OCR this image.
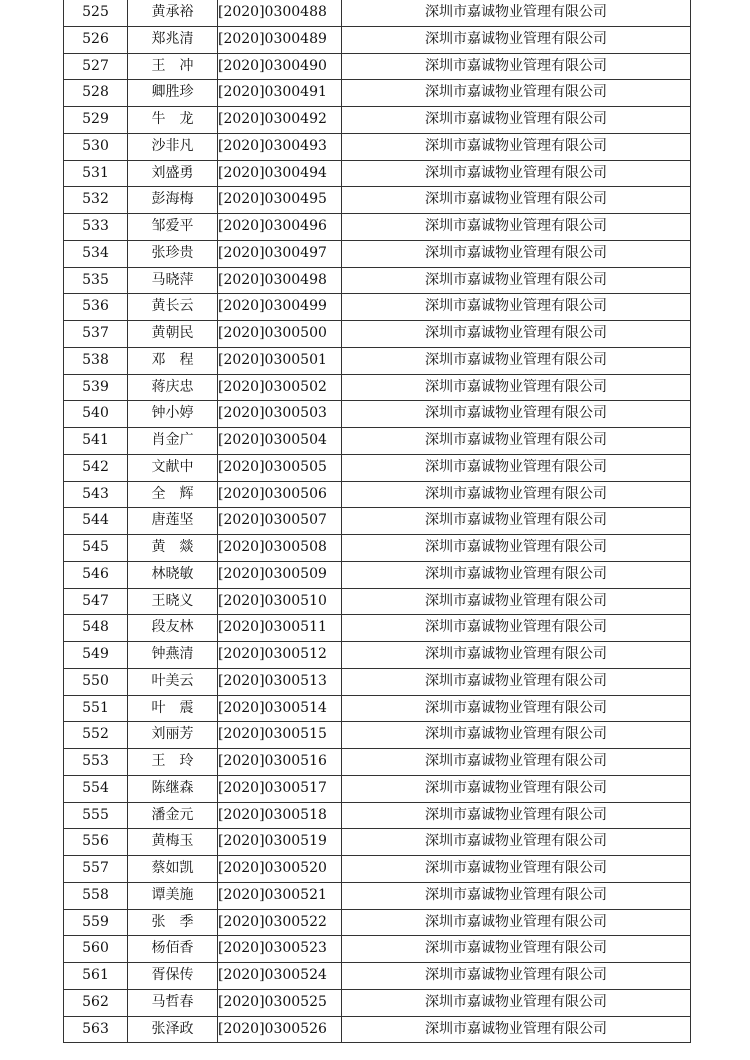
525	黄承裕	[2020]0300488	深圳市嘉诚物业管理有限公司
526	郑兆清	[2020]0300489	深圳市嘉诚物业管理有限公司
527	王　冲	[2020]0300490	深圳市嘉诚物业管理有限公司
528	卿胜珍	[2020]0300491	深圳市嘉诚物业管理有限公司
529	牛　龙	[2020]0300492	深圳市嘉诚物业管理有限公司
530	沙非凡	[2020]0300493	深圳市嘉诚物业管理有限公司
531	刘盛勇	[2020]0300494	深圳市嘉诚物业管理有限公司
532	彭海梅	[2020]0300495	深圳市嘉诚物业管理有限公司
533	邹爱平	[2020]0300496	深圳市嘉诚物业管理有限公司
534	张珍贵	[2020]0300497	深圳市嘉诚物业管理有限公司
535	马晓萍	[2020]0300498	深圳市嘉诚物业管理有限公司
536	黄长云	[2020]0300499	深圳市嘉诚物业管理有限公司
537	黄朝民	[2020]0300500	深圳市嘉诚物业管理有限公司
538	邓　程	[2020]0300501	深圳市嘉诚物业管理有限公司
539	蒋庆忠	[2020]0300502	深圳市嘉诚物业管理有限公司
540	钟小婷	[2020]0300503	深圳市嘉诚物业管理有限公司
541	肖金广	[2020]0300504	深圳市嘉诚物业管理有限公司
542	文献中	[2020]0300505	深圳市嘉诚物业管理有限公司
543	全　辉	[2020]0300506	深圳市嘉诚物业管理有限公司
544	唐莲坚	[2020]0300507	深圳市嘉诚物业管理有限公司
545	黄　燚	[2020]0300508	深圳市嘉诚物业管理有限公司
546	林晓敏	[2020]0300509	深圳市嘉诚物业管理有限公司
547	王晓义	[2020]0300510	深圳市嘉诚物业管理有限公司
548	段友林	[2020]0300511	深圳市嘉诚物业管理有限公司
549	钟燕清	[2020]0300512	深圳市嘉诚物业管理有限公司
550	叶美云	[2020]0300513	深圳市嘉诚物业管理有限公司
551	叶　震	[2020]0300514	深圳市嘉诚物业管理有限公司
552	刘丽芳	[2020]0300515	深圳市嘉诚物业管理有限公司
553	王　玲	[2020]0300516	深圳市嘉诚物业管理有限公司
554	陈继森	[2020]0300517	深圳市嘉诚物业管理有限公司
555	潘金元	[2020]0300518	深圳市嘉诚物业管理有限公司
556	黄梅玉	[2020]0300519	深圳市嘉诚物业管理有限公司
557	蔡如凯	[2020]0300520	深圳市嘉诚物业管理有限公司
558	谭美施	[2020]0300521	深圳市嘉诚物业管理有限公司
559	张　季	[2020]0300522	深圳市嘉诚物业管理有限公司
560	杨佰香	[2020]0300523	深圳市嘉诚物业管理有限公司
561	胥保传	[2020]0300524	深圳市嘉诚物业管理有限公司
562	马哲春	[2020]0300525	深圳市嘉诚物业管理有限公司
563	张泽政	[2020]0300526	深圳市嘉诚物业管理有限公司
